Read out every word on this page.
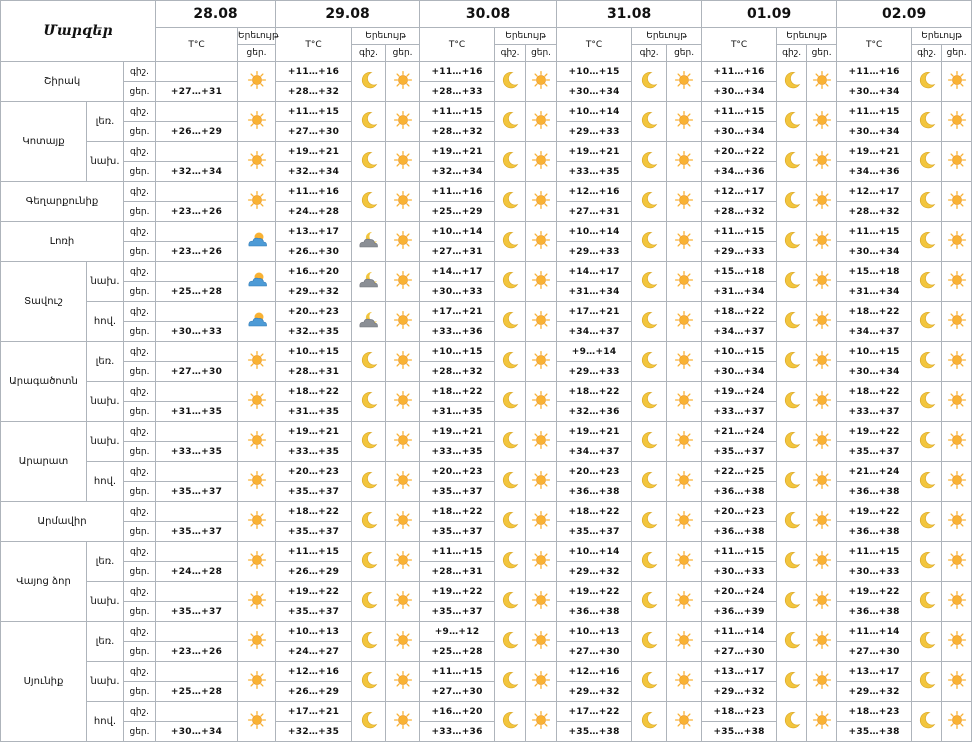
Մարզեր			28.08		29.08			30.08			31.08			01.09			02.09		
			T°C	Երեւույթ	T°C	Երեւույթ		T°C	Երեւույթ		T°C	Երեւույթ		T°C	Երեւույթ		T°C	Երեւույթ	
				ցեր.		գիշ.	ցեր.		գիշ.	ցեր.		գիշ.	ցեր.		գիշ.	ցեր.		գիշ.	ցեր.
Շիրակ		գիշ.			+11…+16			+11…+16			+10…+15			+11…+16			+11…+16		
		ցեր.	+27…+31		+28…+32			+28…+33			+30…+34			+30…+34			+30…+34		
Կոտայք	լեռ.	գիշ.			+11…+15			+11…+15			+10…+14			+11…+15			+11…+15		
		ցեր.	+26…+29		+27…+30			+28…+32			+29…+33			+30…+34			+30…+34		
	նախ.	գիշ.			+19…+21			+19…+21			+19…+21			+20…+22			+19…+21		
		ցեր.	+32…+34		+32…+34			+32…+34			+33…+35			+34…+36			+34…+36		
Գեղարքունիք		գիշ.			+11…+16			+11…+16			+12…+16			+12…+17			+12…+17		
		ցեր.	+23…+26		+24…+28			+25…+29			+27…+31			+28…+32			+28…+32		
Լոռի		գիշ.			+13…+17			+10…+14			+10…+14			+11…+15			+11…+15		
		ցեր.	+23…+26		+26…+30			+27…+31			+29…+33			+29…+33			+30…+34		
Տավուշ	նախ.	գիշ.			+16…+20			+14…+17			+14…+17			+15…+18			+15…+18		
		ցեր.	+25…+28		+29…+32			+30…+33			+31…+34			+31…+34			+31…+34		
	հով.	գիշ.			+20…+23			+17…+21			+17…+21			+18…+22			+18…+22		
		ցեր.	+30…+33		+32…+35			+33…+36			+34…+37			+34…+37			+34…+37		
Արագածոտն	լեռ.	գիշ.			+10…+15			+10…+15			+9…+14			+10…+15			+10…+15		
		ցեր.	+27…+30		+28…+31			+28…+32			+29…+33			+30…+34			+30…+34		
	նախ.	գիշ.			+18…+22			+18…+22			+18…+22			+19…+24			+18…+22		
		ցեր.	+31…+35		+31…+35			+31…+35			+32…+36			+33…+37			+33…+37		
Արարատ	նախ.	գիշ.			+19…+21			+19…+21			+19…+21			+21…+24			+19…+22		
		ցեր.	+33…+35		+33…+35			+33…+35			+34…+37			+35…+37			+35…+37		
	հով.	գիշ.			+20…+23			+20…+23			+20…+23			+22…+25			+21…+24		
		ցեր.	+35…+37		+35…+37			+35…+37			+36…+38			+36…+38			+36…+38		
Արմավիր		գիշ.			+18…+22			+18…+22			+18…+22			+20…+23			+19…+22		
		ցեր.	+35…+37		+35…+37			+35…+37			+35…+37			+36…+38			+36…+38		
Վայոց ձոր	լեռ.	գիշ.			+11…+15			+11…+15			+10…+14			+11…+15			+11…+15		
		ցեր.	+24…+28		+26…+29			+28…+31			+29…+32			+30…+33			+30…+33		
	նախ.	գիշ.			+19…+22			+19…+22			+19…+22			+20…+24			+19…+22		
		ցեր.	+35…+37		+35…+37			+35…+37			+36…+38			+36…+39			+36…+38		
Սյունիք	լեռ.	գիշ.			+10…+13			+9…+12			+10…+13			+11…+14			+11…+14		
		ցեր.	+23…+26		+24…+27			+25…+28			+27…+30			+27…+30			+27…+30		
	նախ.	գիշ.			+12…+16			+11…+15			+12…+16			+13…+17			+13…+17		
		ցեր.	+25…+28		+26…+29			+27…+30			+29…+32			+29…+32			+29…+32		
	հով.	գիշ.			+17…+21			+16…+20			+17…+22			+18…+23			+18…+23		
		ցեր.	+30…+34		+32…+35			+33…+36			+35…+38			+35…+38			+35…+38		
